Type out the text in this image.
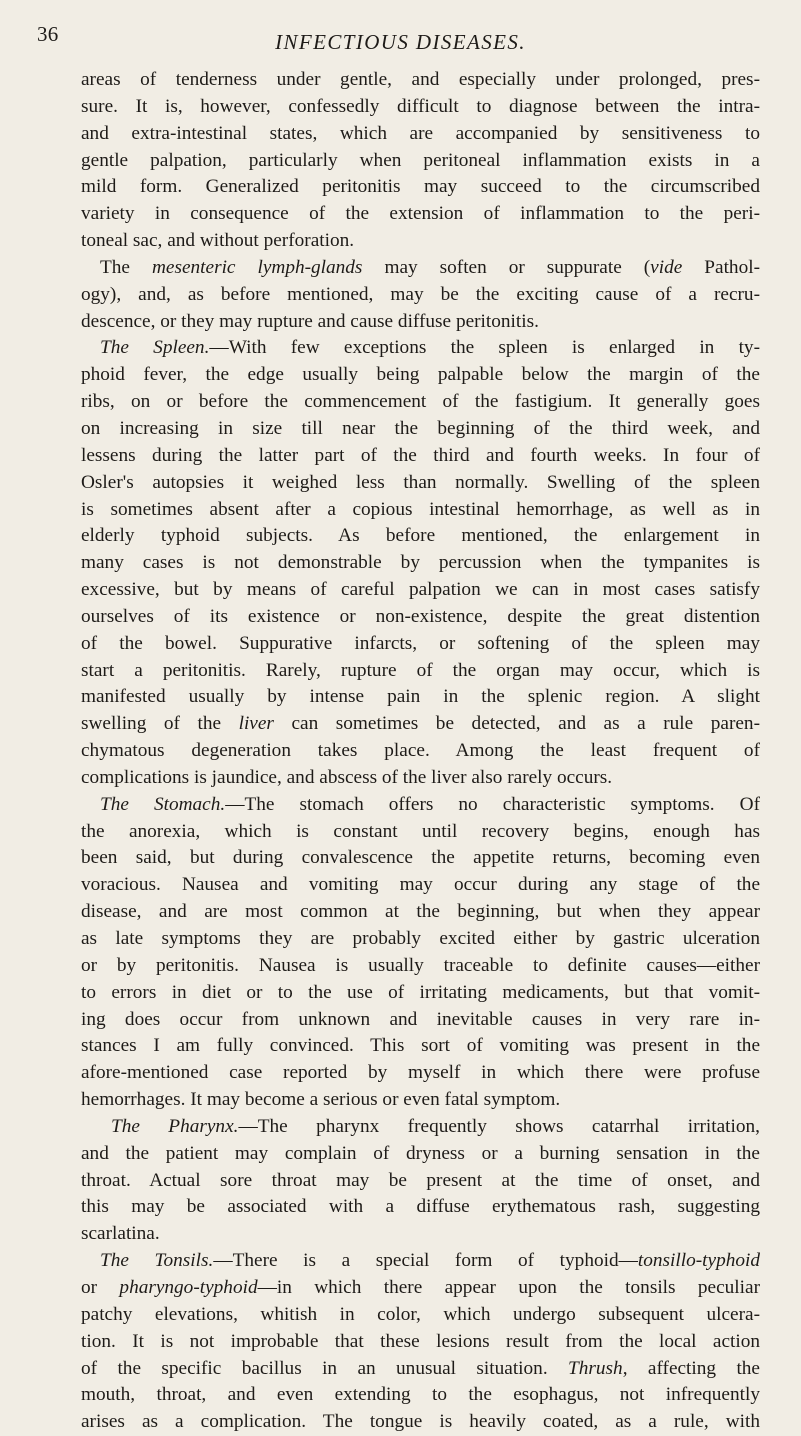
36	INFECTIOUS DISEASES.
areas of tenderness under gentle, and especially under prolonged, pres-
sure. It is, however, confessedly difficult to diagnose between the intra-
and extra-intestinal states, which are accompanied by sensitiveness to
gentle palpation, particularly when peritoneal inflammation exists in a
mild form. Generalized peritonitis may succeed to the circumscribed
variety in consequence of the extension of inflammation to the peri-
toneal sac, and without perforation.
The mesenteric lymph-glands may soften or suppurate (vide Pathol-
ogy), and, as before mentioned, may be the exciting cause of a recru-
descence, or they may rupture and cause diffuse peritonitis.
The Spleen.—With few exceptions the spleen is enlarged in ty-
phoid fever, the edge usually being palpable below the margin of the
ribs, on or before the commencement of the fastigium. It generally goes
on increasing in size till near the beginning of the third week, and
lessens during the latter part of the third and fourth weeks. In four of
Osler's autopsies it weighed less than normally. Swelling of the spleen
is sometimes absent after a copious intestinal hemorrhage, as well as in
elderly typhoid subjects. As before mentioned, the enlargement in
many cases is not demonstrable by percussion when the tympanites is
excessive, but by means of careful palpation we can in most cases satisfy
ourselves of its existence or non-existence, despite the great distention
of the bowel. Suppurative infarcts, or softening of the spleen may
start a peritonitis. Rarely, rupture of the organ may occur, which is
manifested usually by intense pain in the splenic region. A slight
swelling of the liver can sometimes be detected, and as a rule paren-
chymatous degeneration takes place. Among the least frequent of
complications is jaundice, and abscess of the liver also rarely occurs.
The Stomach.—The stomach offers no characteristic symptoms. Of
the anorexia, which is constant until recovery begins, enough has
been said, but during convalescence the appetite returns, becoming even
voracious. Nausea and vomiting may occur during any stage of the
disease, and are most common at the beginning, but when they appear
as late symptoms they are probably excited either by gastric ulceration
or by peritonitis. Nausea is usually traceable to definite causes—either
to errors in diet or to the use of irritating medicaments, but that vomit-
ing does occur from unknown and inevitable causes in very rare in-
stances I am fully convinced. This sort of vomiting was present in the
afore-mentioned case reported by myself in which there were profuse
hemorrhages. It may become a serious or even fatal symptom.
The Pharynx.—The pharynx frequently shows catarrhal irritation,
and the patient may complain of dryness or a burning sensation in the
throat. Actual sore throat may be present at the time of onset, and
this may be associated with a diffuse erythematous rash, suggesting
scarlatina.
The Tonsils.—There is a special form of typhoid—tonsillo-typhoid
or pharyngo-typhoid—in which there appear upon the tonsils peculiar
patchy elevations, whitish in color, which undergo subsequent ulcera-
tion. It is not improbable that these lesions result from the local action
of the specific bacillus in an unusual situation. Thrush, affecting the
mouth, throat, and even extending to the esophagus, not infrequently
arises as a complication. The tongue is heavily coated, as a rule, with
